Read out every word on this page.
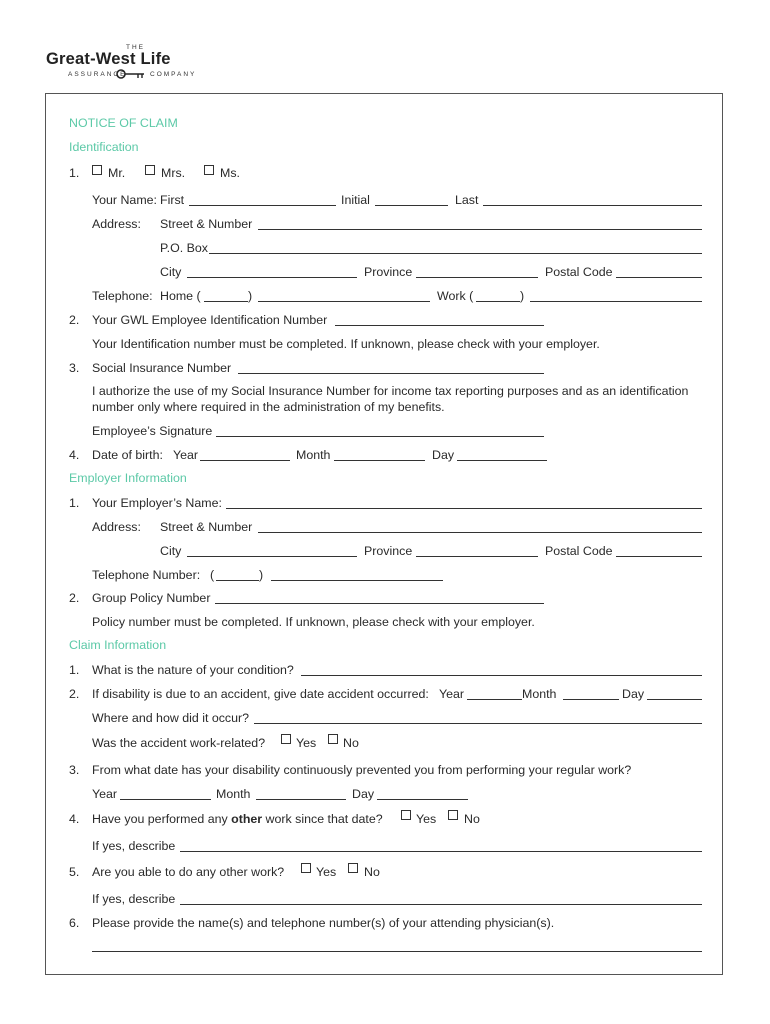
THE
Great-West Life
ASSURANCE	COMPANY
NOTICE OF CLAIM
Identification
1. Mr.	Mrs.	Ms.
Your Name: First	Initial	Last
Address: Street & Number
P.O. Box
City	Province	Postal Code
Telephone: Home (	)	Work (	)
2. Your GWL Employee Identification Number
Your Identification number must be completed. If unknown, please check with your employer.
3. Social Insurance Number
I authorize the use of my Social Insurance Number for income tax reporting purposes and as an identification
number only where required in the administration of my benefits.
Employee’s Signature
4. Date of birth: Year	Month	Day
Employer Information
1. Your Employer’s Name:
Address: Street & Number
City	Province	Postal Code
Telephone Number: (	)
2. Group Policy Number
Policy number must be completed. If unknown, please check with your employer.
Claim Information
1. What is the nature of your condition?
2. If disability is due to an accident, give date accident occurred: Year	Month	Day
Where and how did it occur?
Was the accident work-related? Yes No
3. From what date has your disability continuously prevented you from performing your regular work?
Year	Month	Day
4. Have you performed any other work since that date?	Yes No
If yes, describe
5. Are you able to do any other work?	Yes No
If yes, describe
6. Please provide the name(s) and telephone number(s) of your attending physician(s).
